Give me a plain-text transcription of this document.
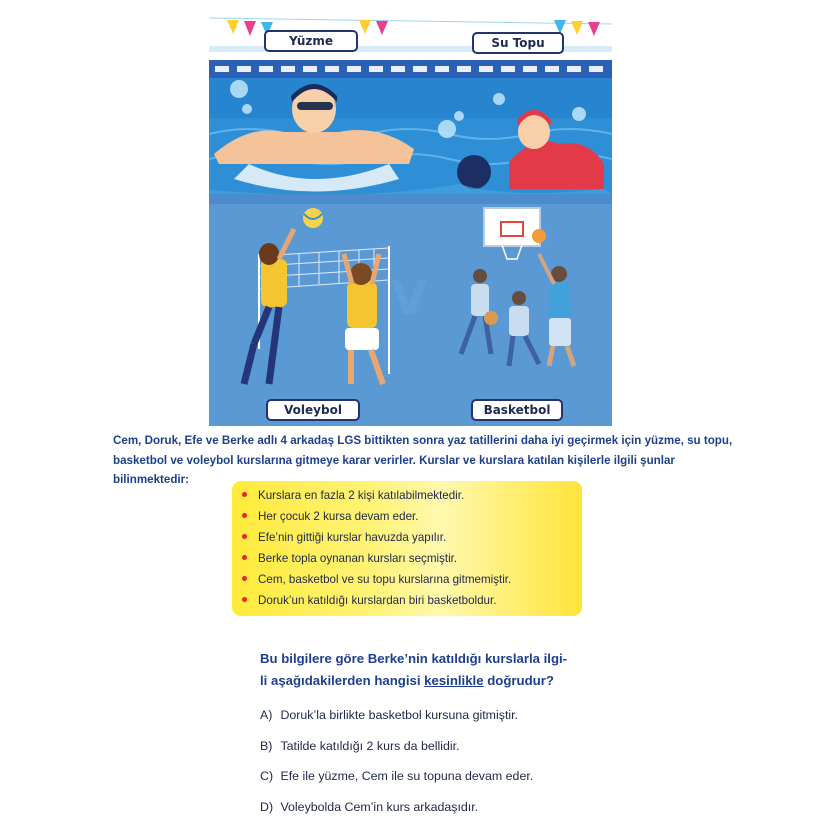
V
Yüzme	Su Topu
Voleybol	Basketbol

Cem, Doruk, Efe ve Berke adlı 4 arkadaş LGS bittikten sonra yaz tatillerini daha iyi geçirmek için yüzme, su topu, basketbol ve voleybol kurslarına gitmeye karar verirler. Kurslar ve kurslara katılan kişilerle ilgili şunlar bilinmektedir:

Kurslara en fazla 2 kişi katılabilmektedir.
Her çocuk 2 kursa devam eder.
Efe’nin gittiği kurslar havuzda yapılır.
Berke topla oynanan kursları seçmiştir.
Cem, basketbol ve su topu kurslarına gitmemiştir.
Doruk’un katıldığı kurslardan biri basketboldur.

Bu bilgilere göre Berke’nin katıldığı kurslarla ilgi-
li aşağıdakilerden hangisi kesinlikle doğrudur?

A)
Doruk’la birlikte basketbol kursuna gitmiştir.
B)
Tatilde katıldığı 2 kurs da bellidir.
C)
Efe ile yüzme, Cem ile su topuna devam eder.
D)
Voleybolda Cem’in kurs arkadaşıdır.
